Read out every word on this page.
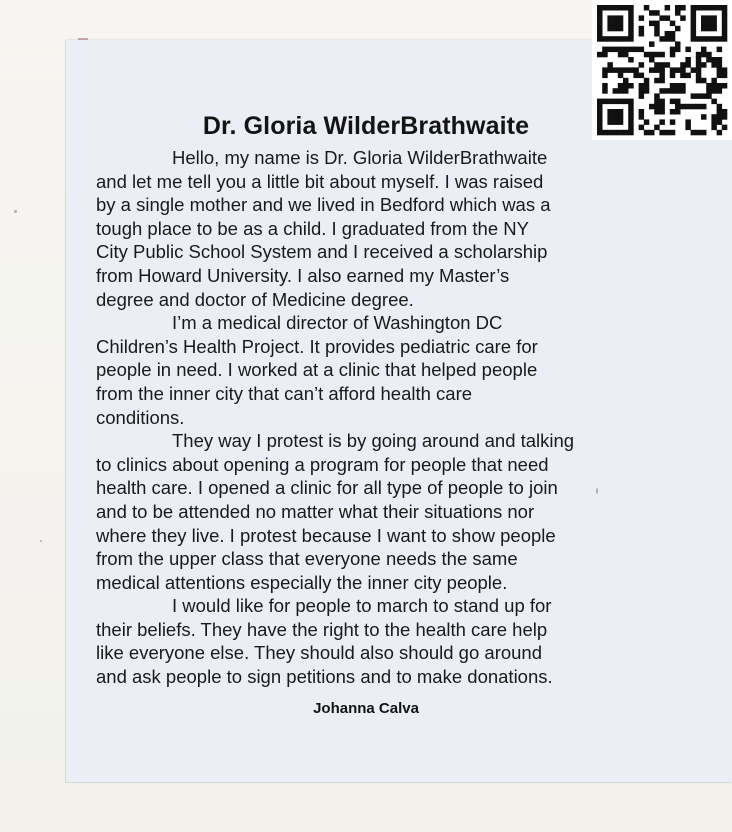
Dr. Gloria WilderBrathwaite

Hello, my name is Dr. Gloria WilderBrathwaite
and let me tell you a little bit about myself. I was raised
by a single mother and we lived in Bedford which was a
tough place to be as a child. I graduated from the NY
City Public School System and I received a scholarship
from Howard University. I also earned my Master’s
degree and doctor of Medicine degree.

I’m a medical director of Washington DC
Children’s Health Project. It provides pediatric care for
people in need. I worked at a clinic that helped people
from the inner city that can’t afford health care
conditions.

They way I protest is by going around and talking
to clinics about opening a program for people that need
health care. I opened a clinic for all type of people to join
and to be attended no matter what their situations nor
where they live. I protest because I want to show people
from the upper class that everyone needs the same
medical attentions especially the inner city people.

I would like for people to march to stand up for
their beliefs. They have the right to the health care help
like everyone else. They should also should go around
and ask people to sign petitions and to make donations.

Johanna Calva
